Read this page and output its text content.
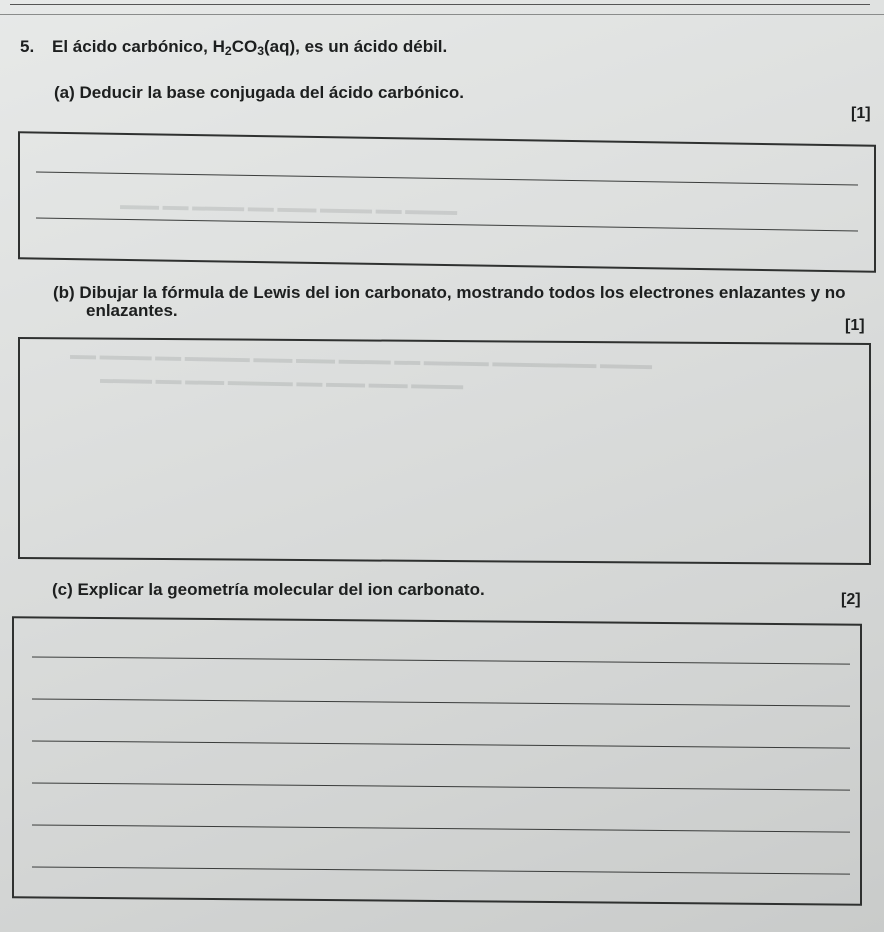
▬▬▬ ▬▬ ▬▬▬▬ ▬▬ ▬▬▬ ▬▬▬▬ ▬▬ ▬▬▬▬
▬▬ ▬▬▬▬ ▬▬ ▬▬▬▬▬ ▬▬▬ ▬▬▬ ▬▬▬▬ ▬▬ ▬▬▬▬▬ ▬▬▬▬▬▬▬▬ ▬▬▬▬
▬▬▬▬ ▬▬ ▬▬▬ ▬▬▬▬▬ ▬▬ ▬▬▬ ▬▬▬ ▬▬▬▬
5. El ácido carbónico, $H_2CO_3(aq)$, es un ácido débil.
(a) Deducir la base conjugada del ácido carbónico.
[1]
(b) Dibujar la fórmula de Lewis del ion carbonato, mostrando todos los electrones enlazantes y no
enlazantes.
[1]
(c) Explicar la geometría molecular del ion carbonato.
[2]
